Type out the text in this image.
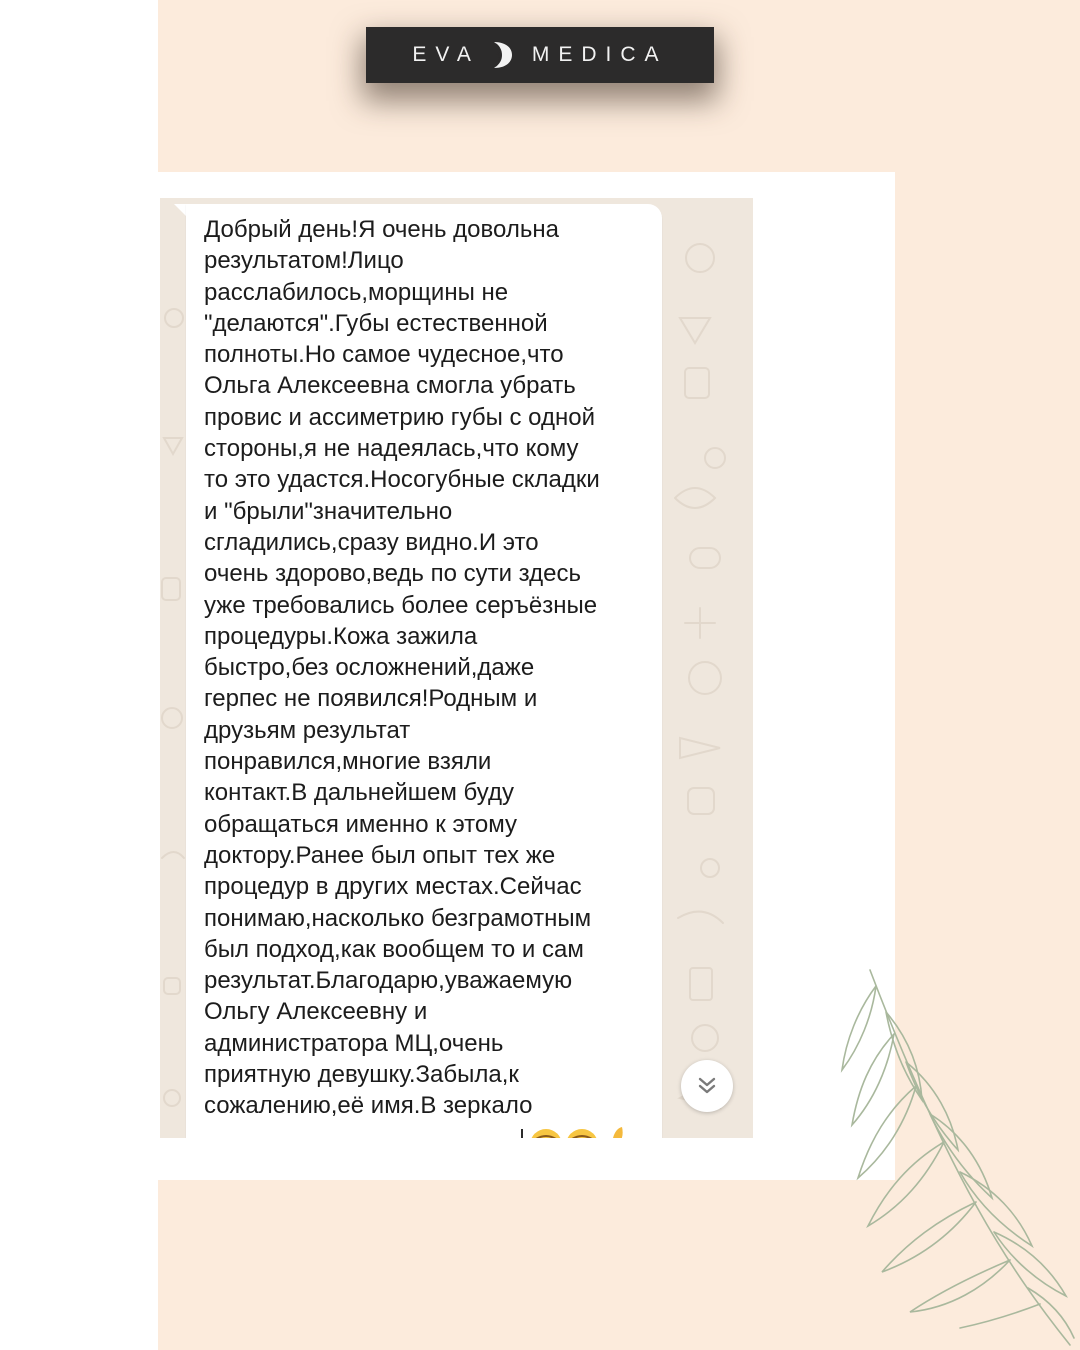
EVA MEDICA

Добрый день!Я очень довольна
результатом!Лицо
расслабилось,морщины не
"делаются".Губы естественной
полноты.Но самое чудесное,что
Ольга Алексеевна смогла убрать
провис и ассиметрию губы с одной
стороны,я не надеялась,что кому
то это удастся.Носогубные складки
и "брыли"значительно
сгладились,сразу видно.И это
очень здорово,ведь по сути здесь
уже требовались более серъёзные
процедуры.Кожа зажила
быстро,без осложнений,даже
герпес не появился!Родным и
друзьям результат
понравился,многие взяли
контакт.В дальнейшем буду
обращаться именно к этому
доктору.Ранее был опыт тех же
процедур в других местах.Сейчас
понимаю,насколько безграмотным
был подход,как вообщем то и сам
результат.Благодарю,уважаемую
Ольгу Алексеевну и
администратора МЦ,очень
приятную девушку.Забыла,к
сожалению,её имя.В зеркало
